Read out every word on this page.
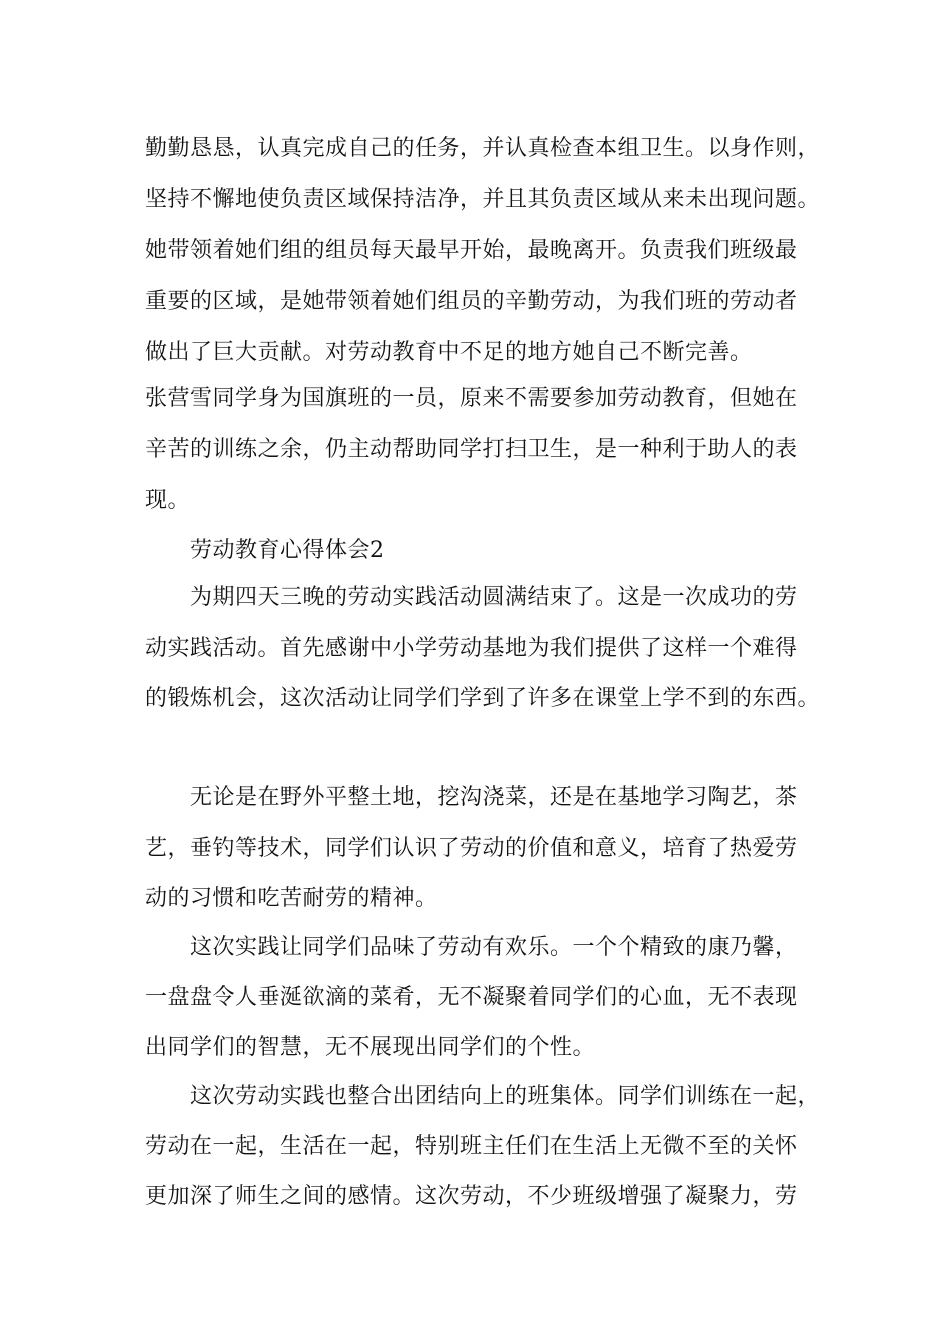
勤勤恳恳，认真完成自己的任务，并认真检查本组卫生。以身作则，
坚持不懈地使负责区域保持洁净，并且其负责区域从来未出现问题。
她带领着她们组的组员每天最早开始，最晚离开。负责我们班级最
重要的区域，是她带领着她们组员的辛勤劳动，为我们班的劳动者
做出了巨大贡献。对劳动教育中不足的地方她自己不断完善。
张营雪同学身为国旗班的一员，原来不需要参加劳动教育，但她在
辛苦的训练之余，仍主动帮助同学打扫卫生，是一种利于助人的表
现。
劳动教育心得体会2
为期四天三晚的劳动实践活动圆满结束了。这是一次成功的劳
动实践活动。首先感谢中小学劳动基地为我们提供了这样一个难得
的锻炼机会，这次活动让同学们学到了许多在课堂上学不到的东西。
无论是在野外平整土地，挖沟浇菜，还是在基地学习陶艺，茶
艺，垂钓等技术，同学们认识了劳动的价值和意义，培育了热爱劳
动的习惯和吃苦耐劳的精神。
这次实践让同学们品味了劳动有欢乐。一个个精致的康乃馨，
一盘盘令人垂涎欲滴的菜肴，无不凝聚着同学们的心血，无不表现
出同学们的智慧，无不展现出同学们的个性。
这次劳动实践也整合出团结向上的班集体。同学们训练在一起，
劳动在一起，生活在一起，特别班主任们在生活上无微不至的关怀
更加深了师生之间的感情。这次劳动，不少班级增强了凝聚力，劳
